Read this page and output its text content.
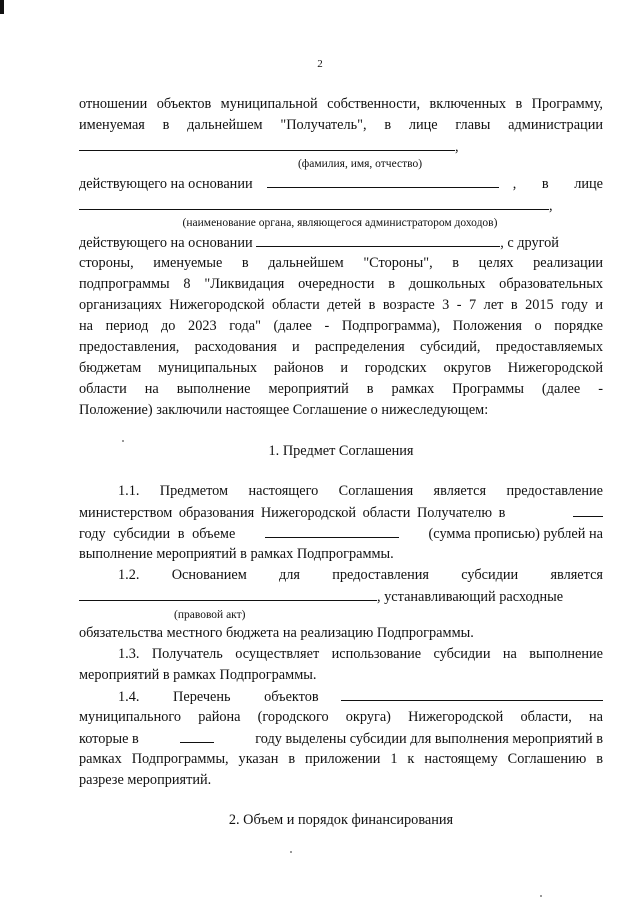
2
отношении объектов муниципальной собственности, включенных в Программу,
именуемая в дальнейшем "Получатель", в лице главы администрации
,
(фамилия, имя, отчество)
действующего на основании	, в лице
,
(наименование органа, являющегося администратором доходов)
действующего на основании	, с другой
стороны, именуемые в дальнейшем "Стороны", в целях реализации
подпрограммы 8 "Ликвидация очередности в дошкольных образовательных
организациях Нижегородской области детей в возрасте 3 - 7 лет в 2015 году и
на период до 2023 года" (далее - Подпрограмма), Положения о порядке
предоставления, расходования и распределения субсидий, предоставляемых
бюджетам муниципальных районов и городских округов Нижегородской
области на выполнение мероприятий в рамках Программы (далее -
Положение) заключили настоящее Соглашение о нижеследующем:
1. Предмет Соглашения
1.1. Предметом настоящего Соглашения является предоставление
министерством образования Нижегородской области Получателю в
году субсидии в объеме	(сумма прописью) рублей на
выполнение мероприятий в рамках Подпрограммы.
1.2. Основанием для предоставления субсидии является
, устанавливающий расходные
(правовой акт)
обязательства местного бюджета на реализацию Подпрограммы.
1.3. Получатель осуществляет использование субсидии на выполнение
мероприятий в рамках Подпрограммы.
1.4. Перечень объектов
муниципального района (городского округа) Нижегородской области, на
которые в	году выделены субсидии для выполнения мероприятий в
рамках Подпрограммы, указан в приложении 1 к настоящему Соглашению в
разрезе мероприятий.
2. Объем и порядок финансирования
